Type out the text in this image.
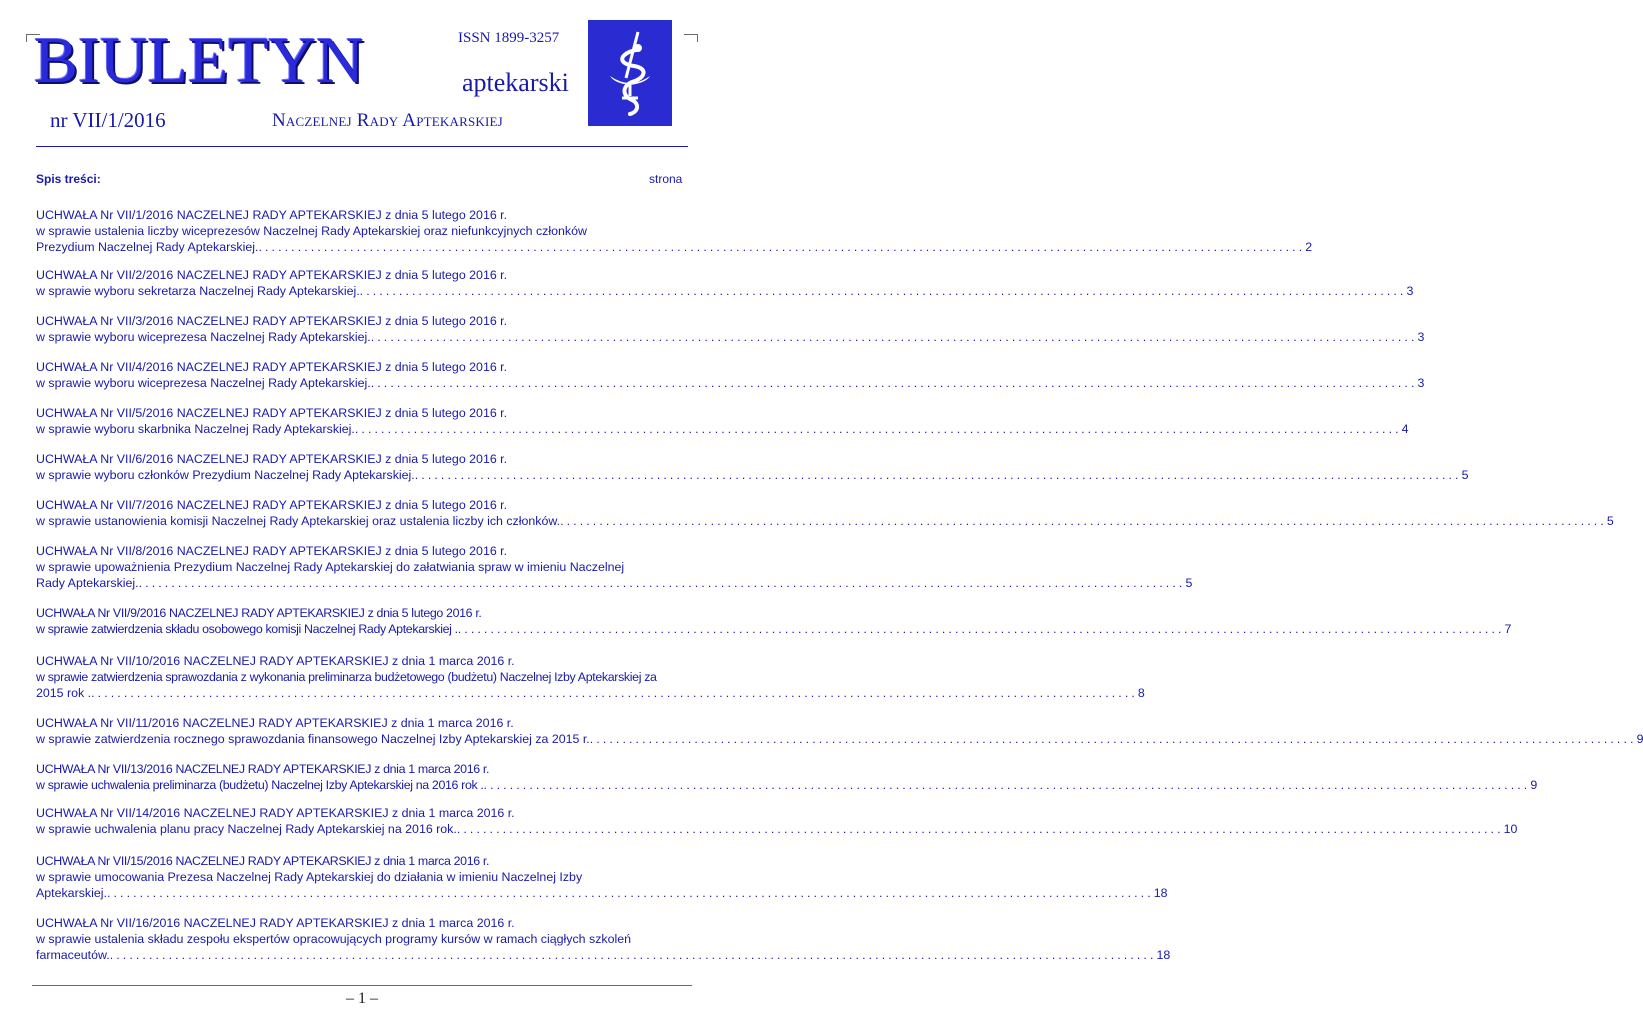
BIULETYN	ISSN 1899-3257
aptekarski
nr VII/1/2016	Naczelnej Rady Aptekarskiej
Spis treści:	strona
UCHWAŁA Nr VII/1/2016 NACZELNEJ RADY APTEKARSKIEJ z dnia 5 lutego 2016 r.
w sprawie ustalenia liczby wiceprezesów Naczelnej Rady Aptekarskiej oraz niefunkcyjnych członków
Prezydium Naczelnej Rady Aptekarskiej. ................................................................................................................................................................ 2
UCHWAŁA Nr VII/2/2016 NACZELNEJ RADY APTEKARSKIEJ z dnia 5 lutego 2016 r.
w sprawie wyboru sekretarza Naczelnej Rady Aptekarskiej. ................................................................................................................................................................ 3
UCHWAŁA Nr VII/3/2016 NACZELNEJ RADY APTEKARSKIEJ z dnia 5 lutego 2016 r.
w sprawie wyboru wiceprezesa Naczelnej Rady Aptekarskiej. ................................................................................................................................................................ 3
UCHWAŁA Nr VII/4/2016 NACZELNEJ RADY APTEKARSKIEJ z dnia 5 lutego 2016 r.
w sprawie wyboru wiceprezesa Naczelnej Rady Aptekarskiej. ................................................................................................................................................................ 3
UCHWAŁA Nr VII/5/2016 NACZELNEJ RADY APTEKARSKIEJ z dnia 5 lutego 2016 r.
w sprawie wyboru skarbnika Naczelnej Rady Aptekarskiej. ................................................................................................................................................................ 4
UCHWAŁA Nr VII/6/2016 NACZELNEJ RADY APTEKARSKIEJ z dnia 5 lutego 2016 r.
w sprawie wyboru członków Prezydium Naczelnej Rady Aptekarskiej. ................................................................................................................................................................ 5
UCHWAŁA Nr VII/7/2016 NACZELNEJ RADY APTEKARSKIEJ z dnia 5 lutego 2016 r.
w sprawie ustanowienia komisji Naczelnej Rady Aptekarskiej oraz ustalenia liczby ich członków. ................................................................................................................................................................ 5
UCHWAŁA Nr VII/8/2016 NACZELNEJ RADY APTEKARSKIEJ z dnia 5 lutego 2016 r.
w sprawie upoważnienia Prezydium Naczelnej Rady Aptekarskiej do załatwiania spraw w imieniu Naczelnej
Rady Aptekarskiej. ................................................................................................................................................................ 5
UCHWAŁA Nr VII/9/2016 NACZELNEJ RADY APTEKARSKIEJ z dnia 5 lutego 2016 r.
w sprawie zatwierdzenia składu osobowego komisji Naczelnej Rady Aptekarskiej . ................................................................................................................................................................ 7
UCHWAŁA Nr VII/10/2016 NACZELNEJ RADY APTEKARSKIEJ z dnia 1 marca 2016 r.
w sprawie zatwierdzenia sprawozdania z wykonania preliminarza budżetowego (budżetu) Naczelnej Izby Aptekarskiej za
2015 rok . ................................................................................................................................................................ 8
UCHWAŁA Nr VII/11/2016 NACZELNEJ RADY APTEKARSKIEJ z dnia 1 marca 2016 r.
w sprawie zatwierdzenia rocznego sprawozdania finansowego Naczelnej Izby Aptekarskiej za 2015 r. ................................................................................................................................................................ 9
UCHWAŁA Nr VII/13/2016 NACZELNEJ RADY APTEKARSKIEJ z dnia 1 marca 2016 r.
w sprawie uchwalenia preliminarza (budżetu) Naczelnej Izby Aptekarskiej na 2016 rok . ................................................................................................................................................................ 9
UCHWAŁA Nr VII/14/2016 NACZELNEJ RADY APTEKARSKIEJ z dnia 1 marca 2016 r.
w sprawie uchwalenia planu pracy Naczelnej Rady Aptekarskiej na 2016 rok. ................................................................................................................................................................ 10
UCHWAŁA Nr VII/15/2016 NACZELNEJ RADY APTEKARSKIEJ z dnia 1 marca 2016 r.
w sprawie umocowania Prezesa Naczelnej Rady Aptekarskiej do działania w imieniu Naczelnej Izby
Aptekarskiej. ................................................................................................................................................................ 18
UCHWAŁA Nr VII/16/2016 NACZELNEJ RADY APTEKARSKIEJ z dnia 1 marca 2016 r.
w sprawie ustalenia składu zespołu ekspertów opracowujących programy kursów w ramach ciągłych szkoleń
farmaceutów. ................................................................................................................................................................ 18
– 1 –
